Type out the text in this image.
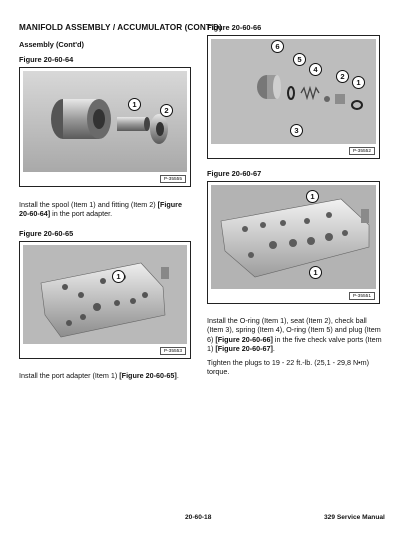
MANIFOLD ASSEMBLY / ACCUMULATOR (CONT'D)
Assembly (Cont'd)
Figure 20-60-64
1
2
P-35555
Install the spool (Item 1) and fitting (Item 2) [Figure 20-60-64] in the port adapter.
Figure 20-60-65
1
P-35553
Install the port adapter (Item 1) [Figure 20-60-65].
Figure 20-60-66
6
5
4
2
1
3
P-35552
Figure 20-60-67
1
1
P-35551
Install the O-ring (Item 1), seat (Item 2), check ball (Item 3), spring (Item 4), O-ring (Item 5) and plug (Item 6) [Figure 20-60-66] in the five check valve ports (Item 1) [Figure 20-60-67].
Tighten the plugs to 19 - 22 ft.-lb. (25,1 - 29,8 N•m) torque.
20-60-18	329 Service Manual
